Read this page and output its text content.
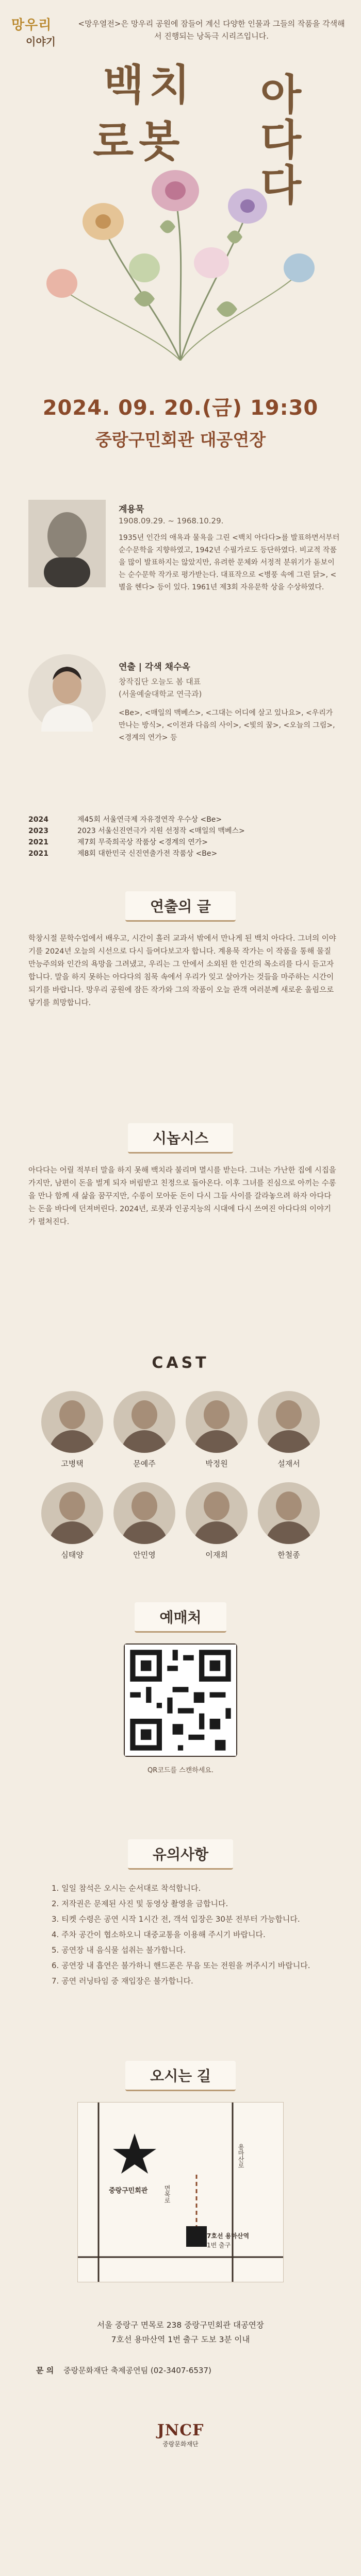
망우리
이야기

<망우열전>은 망우리 공원에 잠들어 계신 다양한 인물과 그들의 작품을 각색해서 진행되는 낭독극 시리즈입니다.

백치 아다다
로봇
2024. 09. 20.(금) 19:30
중랑구민회관 대공연장
계용묵
1908.09.29. ~ 1968.10.29.

1935년 인간의 애욕과 물욕을 그린 <백치 아다다>를 발표하면서부터 순수문학을 지향하였고, 1942년 수필가로도 등단하였다. 비교적 작품을 많이 발표하지는 않았지만, 유려한 문체와 서정적 분위기가 돋보이는 순수문학 작가로 평가받는다. 대표작으로 <병풍 속에 그린 닭>, <별을 헨다> 등이 있다. 1961년 제3회 자유문학 상을 수상하였다.

연출 | 각색 채수옥
창작집단 오늘도 봄 대표
(서울예술대학교 연극과)

<Be>, <매일의 맥베스>, <그대는 어디에 살고 있나요>, <우리가 만나는 방식>, <이전과 다음의 사이>, <빛의 꿈>, <오늘의 그림>, <경계의 연가> 등

2024	제45회 서울연극제 자유경연작 우수상 <Be>
2023	2023 서울신진연극가 지원 선정작 <매일의 맥베스>
2021	제7회 무죽희곡상 작품상 <경계의 연가>
2021	제8회 대한민국 신진연출가전 작품상 <Be>
연출의 글

학창시절 문학수업에서 배우고, 시간이 흘러 교과서 밖에서 만나게 된 백치 아다다. 그녀의 이야기를 2024년 오늘의 시선으로 다시 들여다보고자 합니다. 계용묵 작가는 이 작품을 통해 물질만능주의와 인간의 욕망을 그려냈고, 우리는 그 안에서 소외된 한 인간의 목소리를 다시 듣고자 합니다. 말을 하지 못하는 아다다의 침묵 속에서 우리가 잊고 살아가는 것들을 마주하는 시간이 되기를 바랍니다. 망우리 공원에 잠든 작가와 그의 작품이 오늘 관객 여러분께 새로운 울림으로 닿기를 희망합니다.

시놉시스

아다다는 어릴 적부터 말을 하지 못해 백치라 불리며 멸시를 받는다. 그녀는 가난한 집에 시집을 가지만, 남편이 돈을 벌게 되자 버림받고 친정으로 돌아온다. 이후 그녀를 진심으로 아끼는 수롱을 만나 함께 새 삶을 꿈꾸지만, 수롱이 모아둔 돈이 다시 그들 사이를 갈라놓으려 하자 아다다는 돈을 바다에 던져버린다. 2024년, 로봇과 인공지능의 시대에 다시 쓰여진 아다다의 이야기가 펼쳐진다.

CAST
고병택	문예주	박정원	설재서
심태양	안민영	이재희	한철종
예매처
QR코드를 스캔하세요.
유의사항
1. 일일 참석은 오시는 순서대로 착석합니다.
2. 저작권은 문제된 사진 및 동영상 촬영을 금합니다.
3. 티켓 수령은 공연 시작 1시간 전, 객석 입장은 30분 전부터 가능합니다.
4. 주차 공간이 협소하오니 대중교통을 이용해 주시기 바랍니다.
5. 공연장 내 음식물 섭취는 불가합니다.
6. 공연장 내 흡연은 불가하니 핸드폰은 무음 또는 전원을 꺼주시기 바랍니다.
7. 공연 러닝타임 중 재입장은 불가합니다.
오시는 길
중랑구민회관
7호선 용마산역
1번 출구
면목로
용마산로
서울 중랑구 면목로 238 중랑구민회관 대공연장
7호선 용마산역 1번 출구 도보 3분 이내
문 의 중랑문화재단 축제공연팀 (02-3407-6537)
JNCF
중랑문화재단
